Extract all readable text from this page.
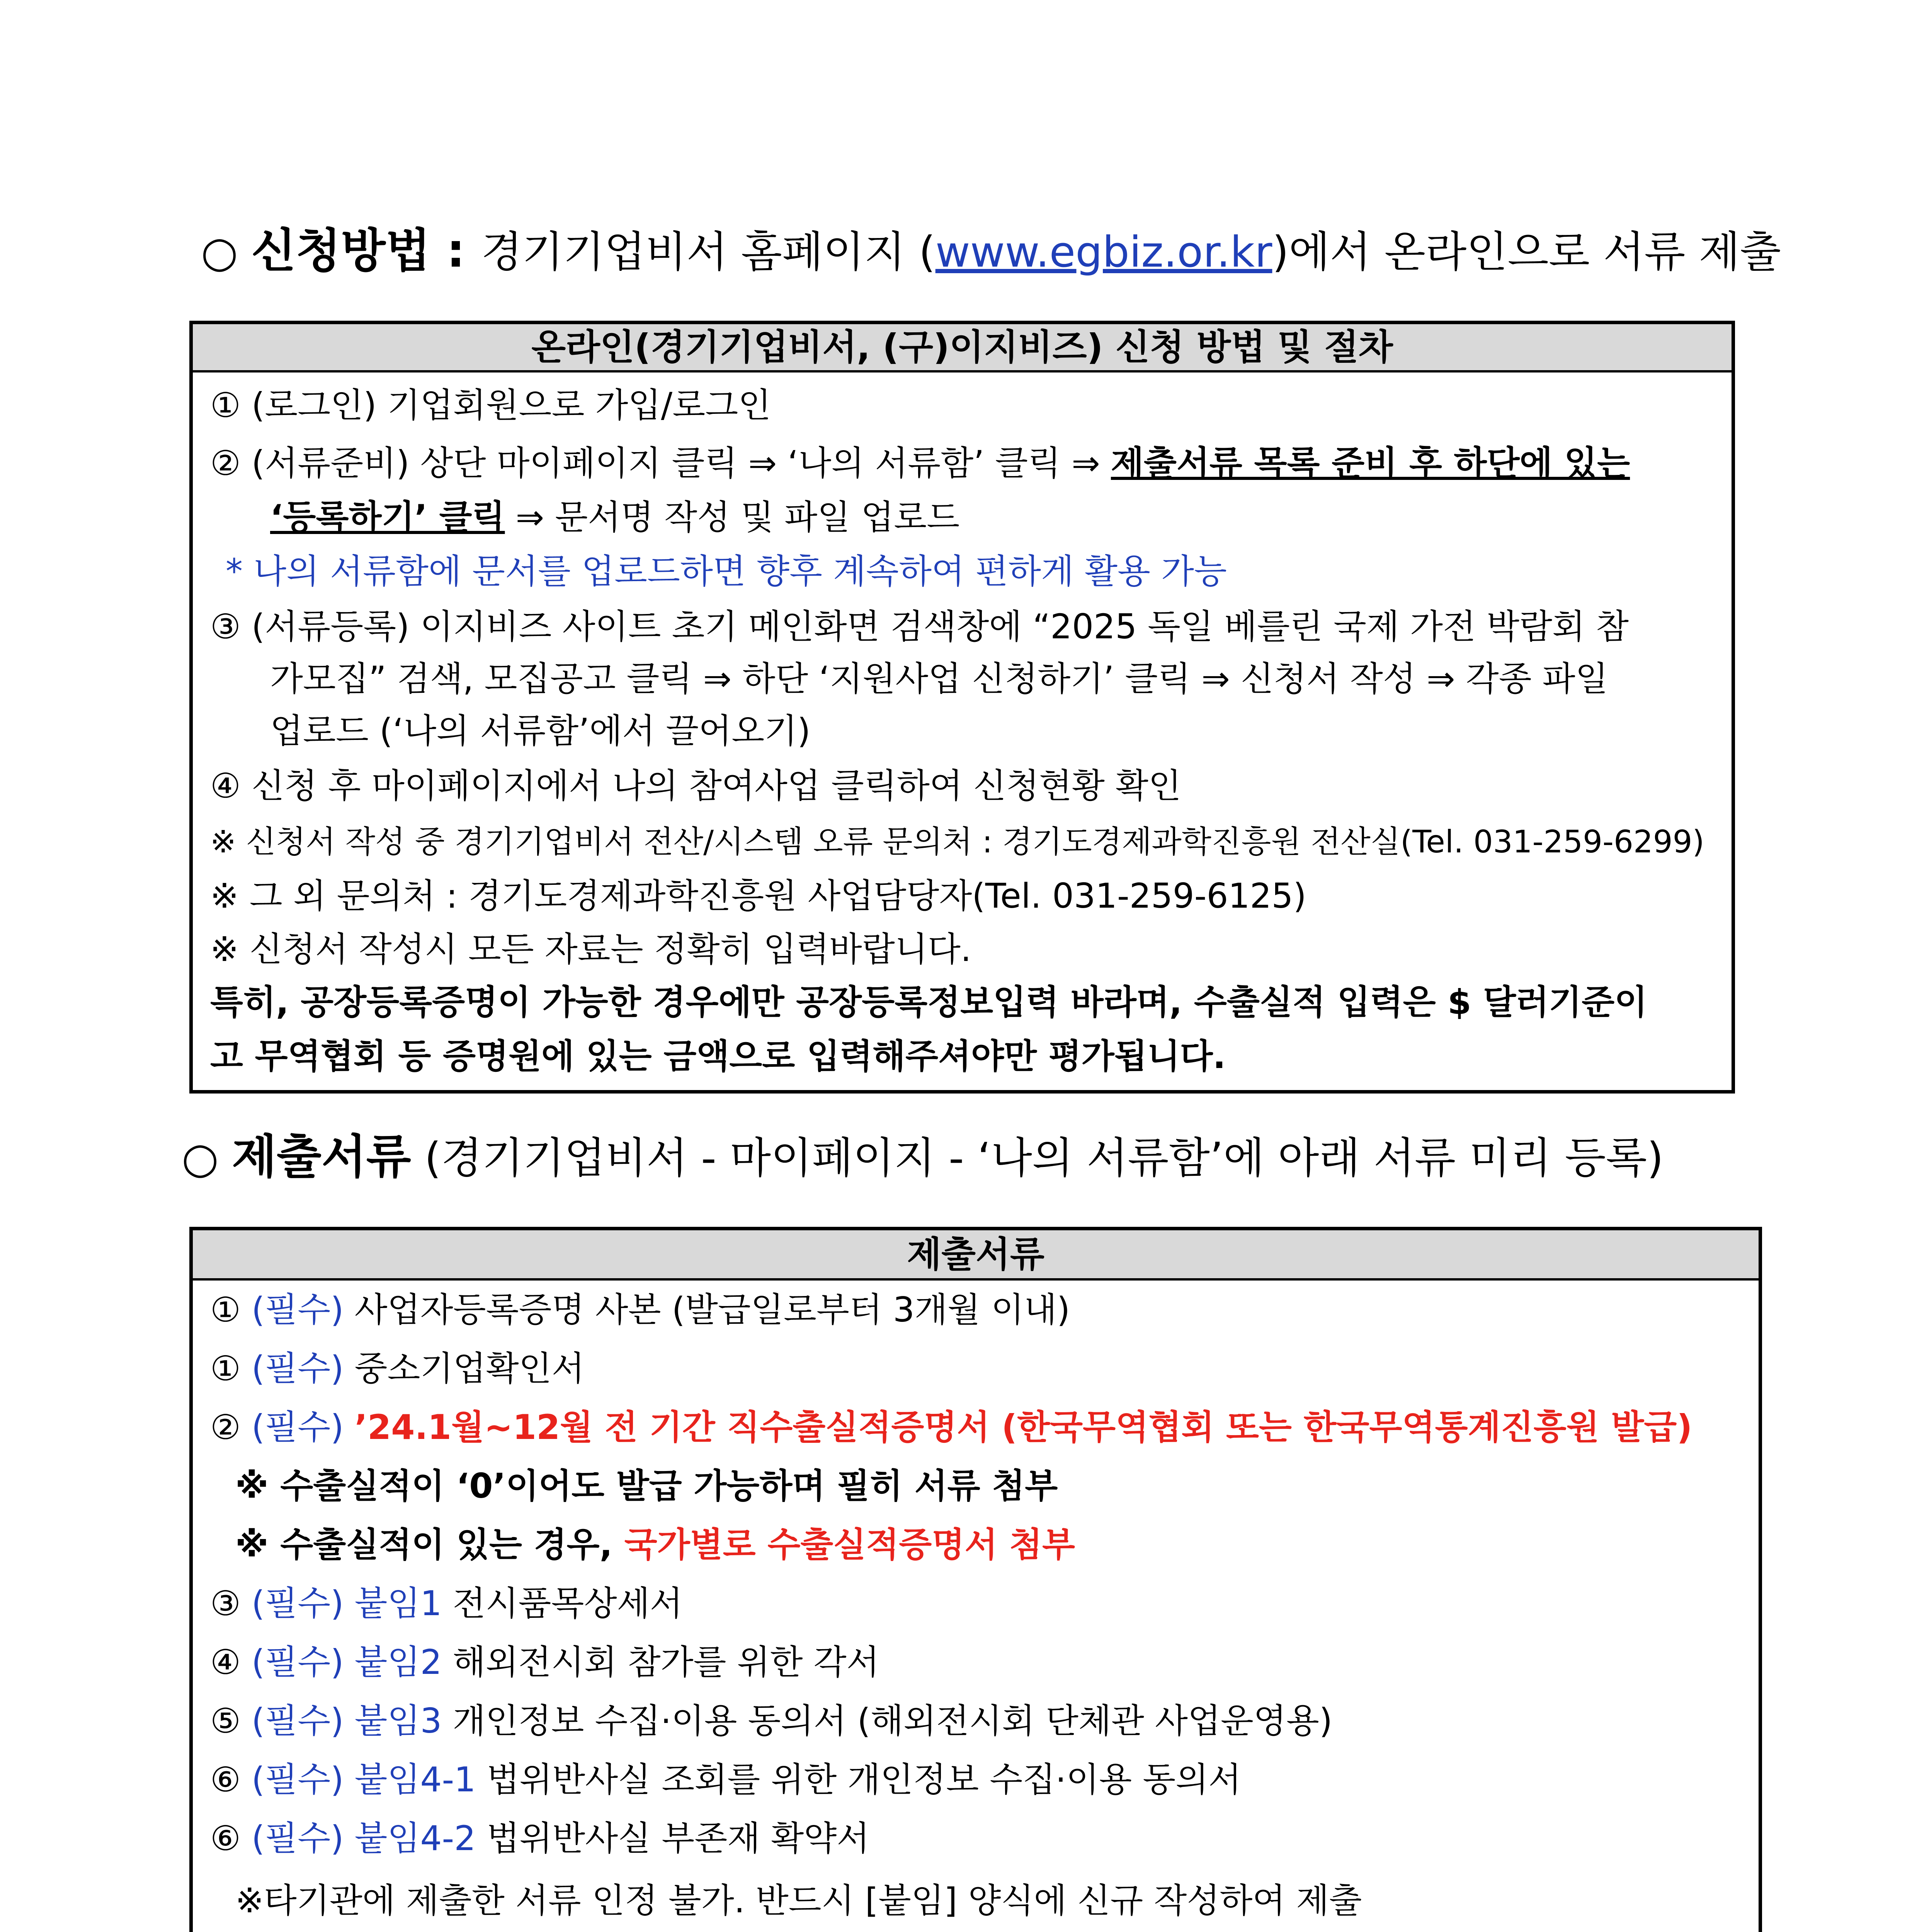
○ 신청방법 : 경기기업비서 홈페이지 (www.egbiz.or.kr)에서 온라인으로 서류 제출
온라인(경기기업비서, (구)이지비즈) 신청 방법 및 절차
① (로그인) 기업회원으로 가입/로그인
② (서류준비) 상단 마이페이지 클릭 ⇒ ‘나의 서류함’ 클릭 ⇒ 제출서류 목록 준비 후 하단에 있는
‘등록하기’ 클릭 ⇒ 문서명 작성 및 파일 업로드
* 나의 서류함에 문서를 업로드하면 향후 계속하여 편하게 활용 가능
③ (서류등록) 이지비즈 사이트 초기 메인화면 검색창에 “2025 독일 베를린 국제 가전 박람회 참
가모집” 검색, 모집공고 클릭 ⇒ 하단 ‘지원사업 신청하기’ 클릭 ⇒ 신청서 작성 ⇒ 각종 파일
업로드 (‘나의 서류함’에서 끌어오기)
④ 신청 후 마이페이지에서 나의 참여사업 클릭하여 신청현황 확인
※ 신청서 작성 중 경기기업비서 전산/시스템 오류 문의처 : 경기도경제과학진흥원 전산실(Tel. 031-259-6299)
※ 그 외 문의처 : 경기도경제과학진흥원 사업담당자(Tel. 031-259-6125)
※ 신청서 작성시 모든 자료는 정확히 입력바랍니다.
특히, 공장등록증명이 가능한 경우에만 공장등록정보입력 바라며, 수출실적 입력은 $ 달러기준이
고 무역협회 등 증명원에 있는 금액으로 입력해주셔야만 평가됩니다.
○ 제출서류 (경기기업비서 - 마이페이지 - ‘나의 서류함’에 아래 서류 미리 등록)
제출서류
① (필수) 사업자등록증명 사본 (발급일로부터 3개월 이내)
① (필수) 중소기업확인서
② (필수) ’24.1월~12월 전 기간 직수출실적증명서 (한국무역협회 또는 한국무역통계진흥원 발급)
※ 수출실적이 ‘0’이어도 발급 가능하며 필히 서류 첨부
※ 수출실적이 있는 경우, 국가별로 수출실적증명서 첨부
③ (필수) 붙임1 전시품목상세서
④ (필수) 붙임2 해외전시회 참가를 위한 각서
⑤ (필수) 붙임3 개인정보 수집·이용 동의서 (해외전시회 단체관 사업운영용)
⑥ (필수) 붙임4-1 법위반사실 조회를 위한 개인정보 수집·이용 동의서
⑥ (필수) 붙임4-2 법위반사실 부존재 확약서
※타기관에 제출한 서류 인정 불가. 반드시 [붙임] 양식에 신규 작성하여 제출
